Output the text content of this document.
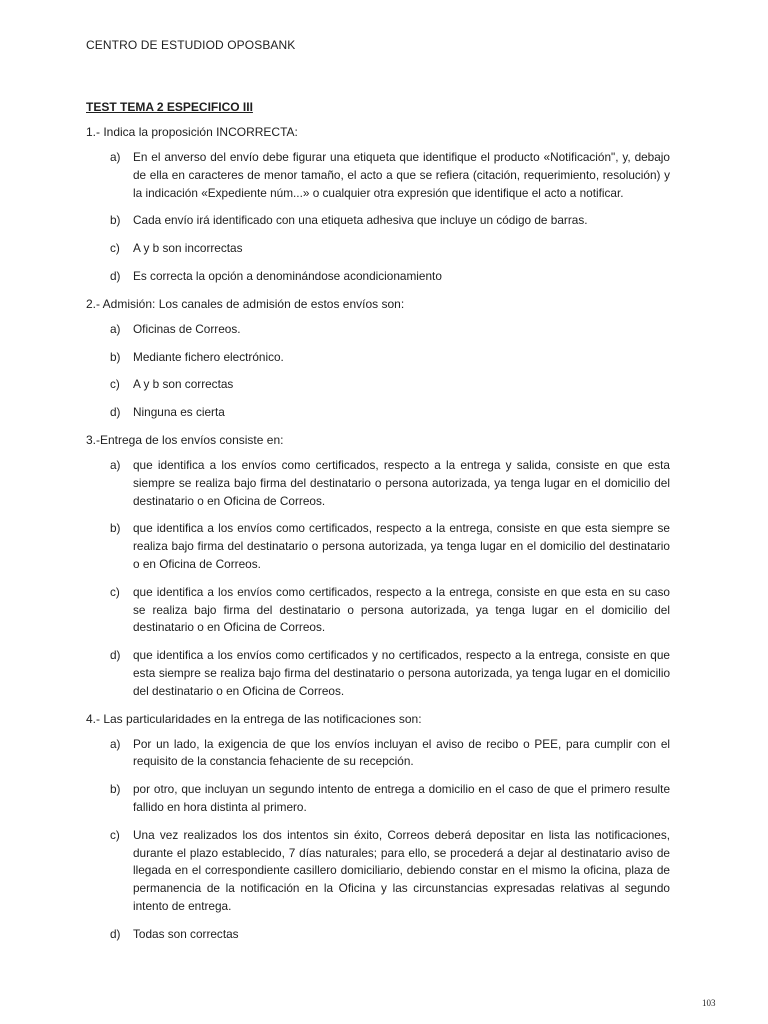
CENTRO DE ESTUDIOD OPOSBANK
TEST TEMA 2 ESPECIFICO III

1.- Indica la proposición INCORRECTA:

a) En el anverso del envío debe figurar una etiqueta que identifique el producto «Notificación", y, debajo de ella en caracteres de menor tamaño, el acto a que se refiera (citación, requerimiento, resolución) y la indicación «Expediente núm...» o cualquier otra expresión que identifique el acto a notificar.
b) Cada envío irá identificado con una etiqueta adhesiva que incluye un código de barras.
c) A y b son incorrectas
d) Es correcta la opción a denominándose acondicionamiento

2.- Admisión: Los canales de admisión de estos envíos son:

a) Oficinas de Correos.
b) Mediante fichero electrónico.
c) A y b son correctas
d) Ninguna es cierta

3.-Entrega de los envíos consiste en:

a) que identifica a los envíos como certificados, respecto a la entrega y salida, consiste en que esta siempre se realiza bajo firma del destinatario o persona autorizada, ya tenga lugar en el domicilio del destinatario o en Oficina de Correos.
b) que identifica a los envíos como certificados, respecto a la entrega, consiste en que esta siempre se realiza bajo firma del destinatario o persona autorizada, ya tenga lugar en el domicilio del destinatario o en Oficina de Correos.
c) que identifica a los envíos como certificados, respecto a la entrega, consiste en que esta en su caso se realiza bajo firma del destinatario o persona autorizada, ya tenga lugar en el domicilio del destinatario o en Oficina de Correos.
d) que identifica a los envíos como certificados y no certificados, respecto a la entrega, consiste en que esta siempre se realiza bajo firma del destinatario o persona autorizada, ya tenga lugar en el domicilio del destinatario o en Oficina de Correos.

4.- Las particularidades en la entrega de las notificaciones son:

a) Por un lado, la exigencia de que los envíos incluyan el aviso de recibo o PEE, para cumplir con el requisito de la constancia fehaciente de su recepción.
b) por otro, que incluyan un segundo intento de entrega a domicilio en el caso de que el primero resulte fallido en hora distinta al primero.
c) Una vez realizados los dos intentos sin éxito, Correos deberá depositar en lista las notificaciones, durante el plazo establecido, 7 días naturales; para ello, se procederá a dejar al destinatario aviso de llegada en el correspondiente casillero domiciliario, debiendo constar en el mismo la oficina, plaza de permanencia de la notificación en la Oficina y las circunstancias expresadas relativas al segundo intento de entrega.
d) Todas son correctas
103
